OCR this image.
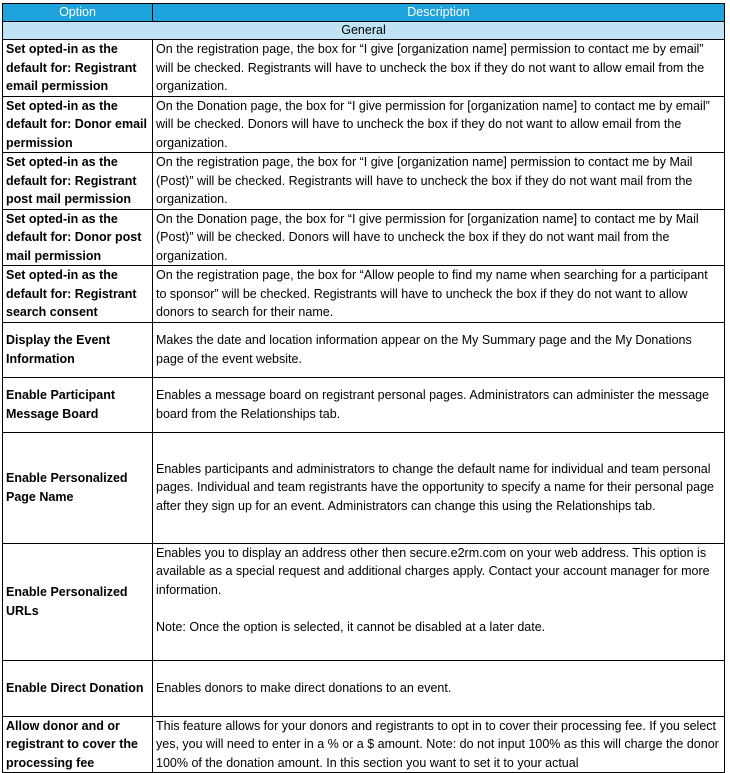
Option	Description
General	
Set opted-in as the default for: Registrant email permission	On the registration page, the box for “I give [organization name] permission to contact me by email” will be checked. Registrants will have to uncheck the box if they do not want to allow email from the organization.
Set opted-in as the default for: Donor email permission	On the Donation page, the box for “I give permission for [organization name] to contact me by email” will be checked. Donors will have to uncheck the box if they do not want to allow email from the organization.
Set opted-in as the default for: Registrant post mail permission	On the registration page, the box for “I give [organization name] permission to contact me by Mail (Post)” will be checked. Registrants will have to uncheck the box if they do not want mail from the organization.
Set opted-in as the default for: Donor post mail permission	On the Donation page, the box for “I give permission for [organization name] to contact me by Mail (Post)” will be checked. Donors will have to uncheck the box if they do not want mail from the organization.
Set opted-in as the default for: Registrant search consent	On the registration page, the box for “Allow people to find my name when searching for a participant to sponsor” will be checked. Registrants will have to uncheck the box if they do not want to allow donors to search for their name.
Display the Event Information	Makes the date and location information appear on the My Summary page and the My Donations page of the event website.
Enable Participant Message Board	Enables a message board on registrant personal pages. Administrators can administer the message board from the Relationships tab.
Enable Personalized Page Name	Enables participants and administrators to change the default name for individual and team personal pages. Individual and team registrants have the opportunity to specify a name for their personal page after they sign up for an event. Administrators can change this using the Relationships tab.
Enable Personalized URLs	Enables you to display an address other then secure.e2rm.com on your web address. This option is available as a special request and additional charges apply. Contact your account manager for more information.

Note: Once the option is selected, it cannot be disabled at a later date.
Enable Direct Donation	Enables donors to make direct donations to an event.
Allow donor and or registrant to cover the processing fee	This feature allows for your donors and registrants to opt in to cover their processing fee. If you select yes, you will need to enter in a % or a $ amount. Note: do not input 100% as this will charge the donor 100% of the donation amount. In this section you want to set it to your actual
